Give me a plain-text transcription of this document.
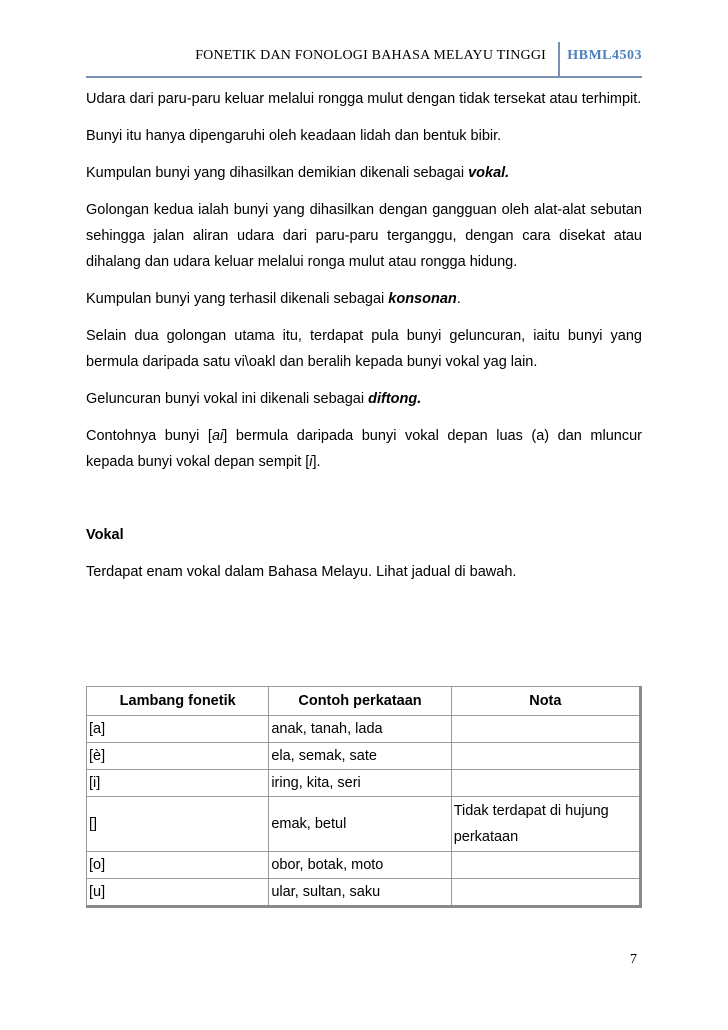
FONETIK DAN FONOLOGI BAHASA MELAYU TINGGI HBML4503

Udara dari paru-paru keluar melalui rongga mulut dengan tidak tersekat atau terhimpit.

Bunyi itu hanya dipengaruhi oleh keadaan lidah dan bentuk bibir.

Kumpulan bunyi yang dihasilkan demikian dikenali sebagai vokal.

Golongan kedua ialah bunyi yang dihasilkan dengan gangguan oleh alat-alat sebutan sehingga jalan aliran udara dari paru-paru terganggu, dengan cara disekat atau dihalang dan udara keluar melalui ronga mulut atau rongga hidung.

Kumpulan bunyi yang terhasil dikenali sebagai konsonan.

Selain dua golongan utama itu, terdapat pula bunyi geluncuran, iaitu bunyi yang bermula daripada satu vi\oakl dan beralih kepada bunyi vokal yag lain.

Geluncuran bunyi vokal ini dikenali sebagai diftong.

Contohnya bunyi [ai] bermula daripada bunyi vokal depan luas (a) dan mluncur kepada bunyi vokal depan sempit [i].

Vokal

Terdapat enam vokal dalam Bahasa Melayu. Lihat jadual di bawah.

Lambang fonetik	Contoh perkataan	Nota
[a]	anak, tanah, lada	
[è]	ela, semak, sate	
[i]	iring, kita, seri	
[]	emak, betul	Tidak terdapat di hujung perkataan
[o]	obor, botak, moto	
[u]	ular, sultan, saku	
7
